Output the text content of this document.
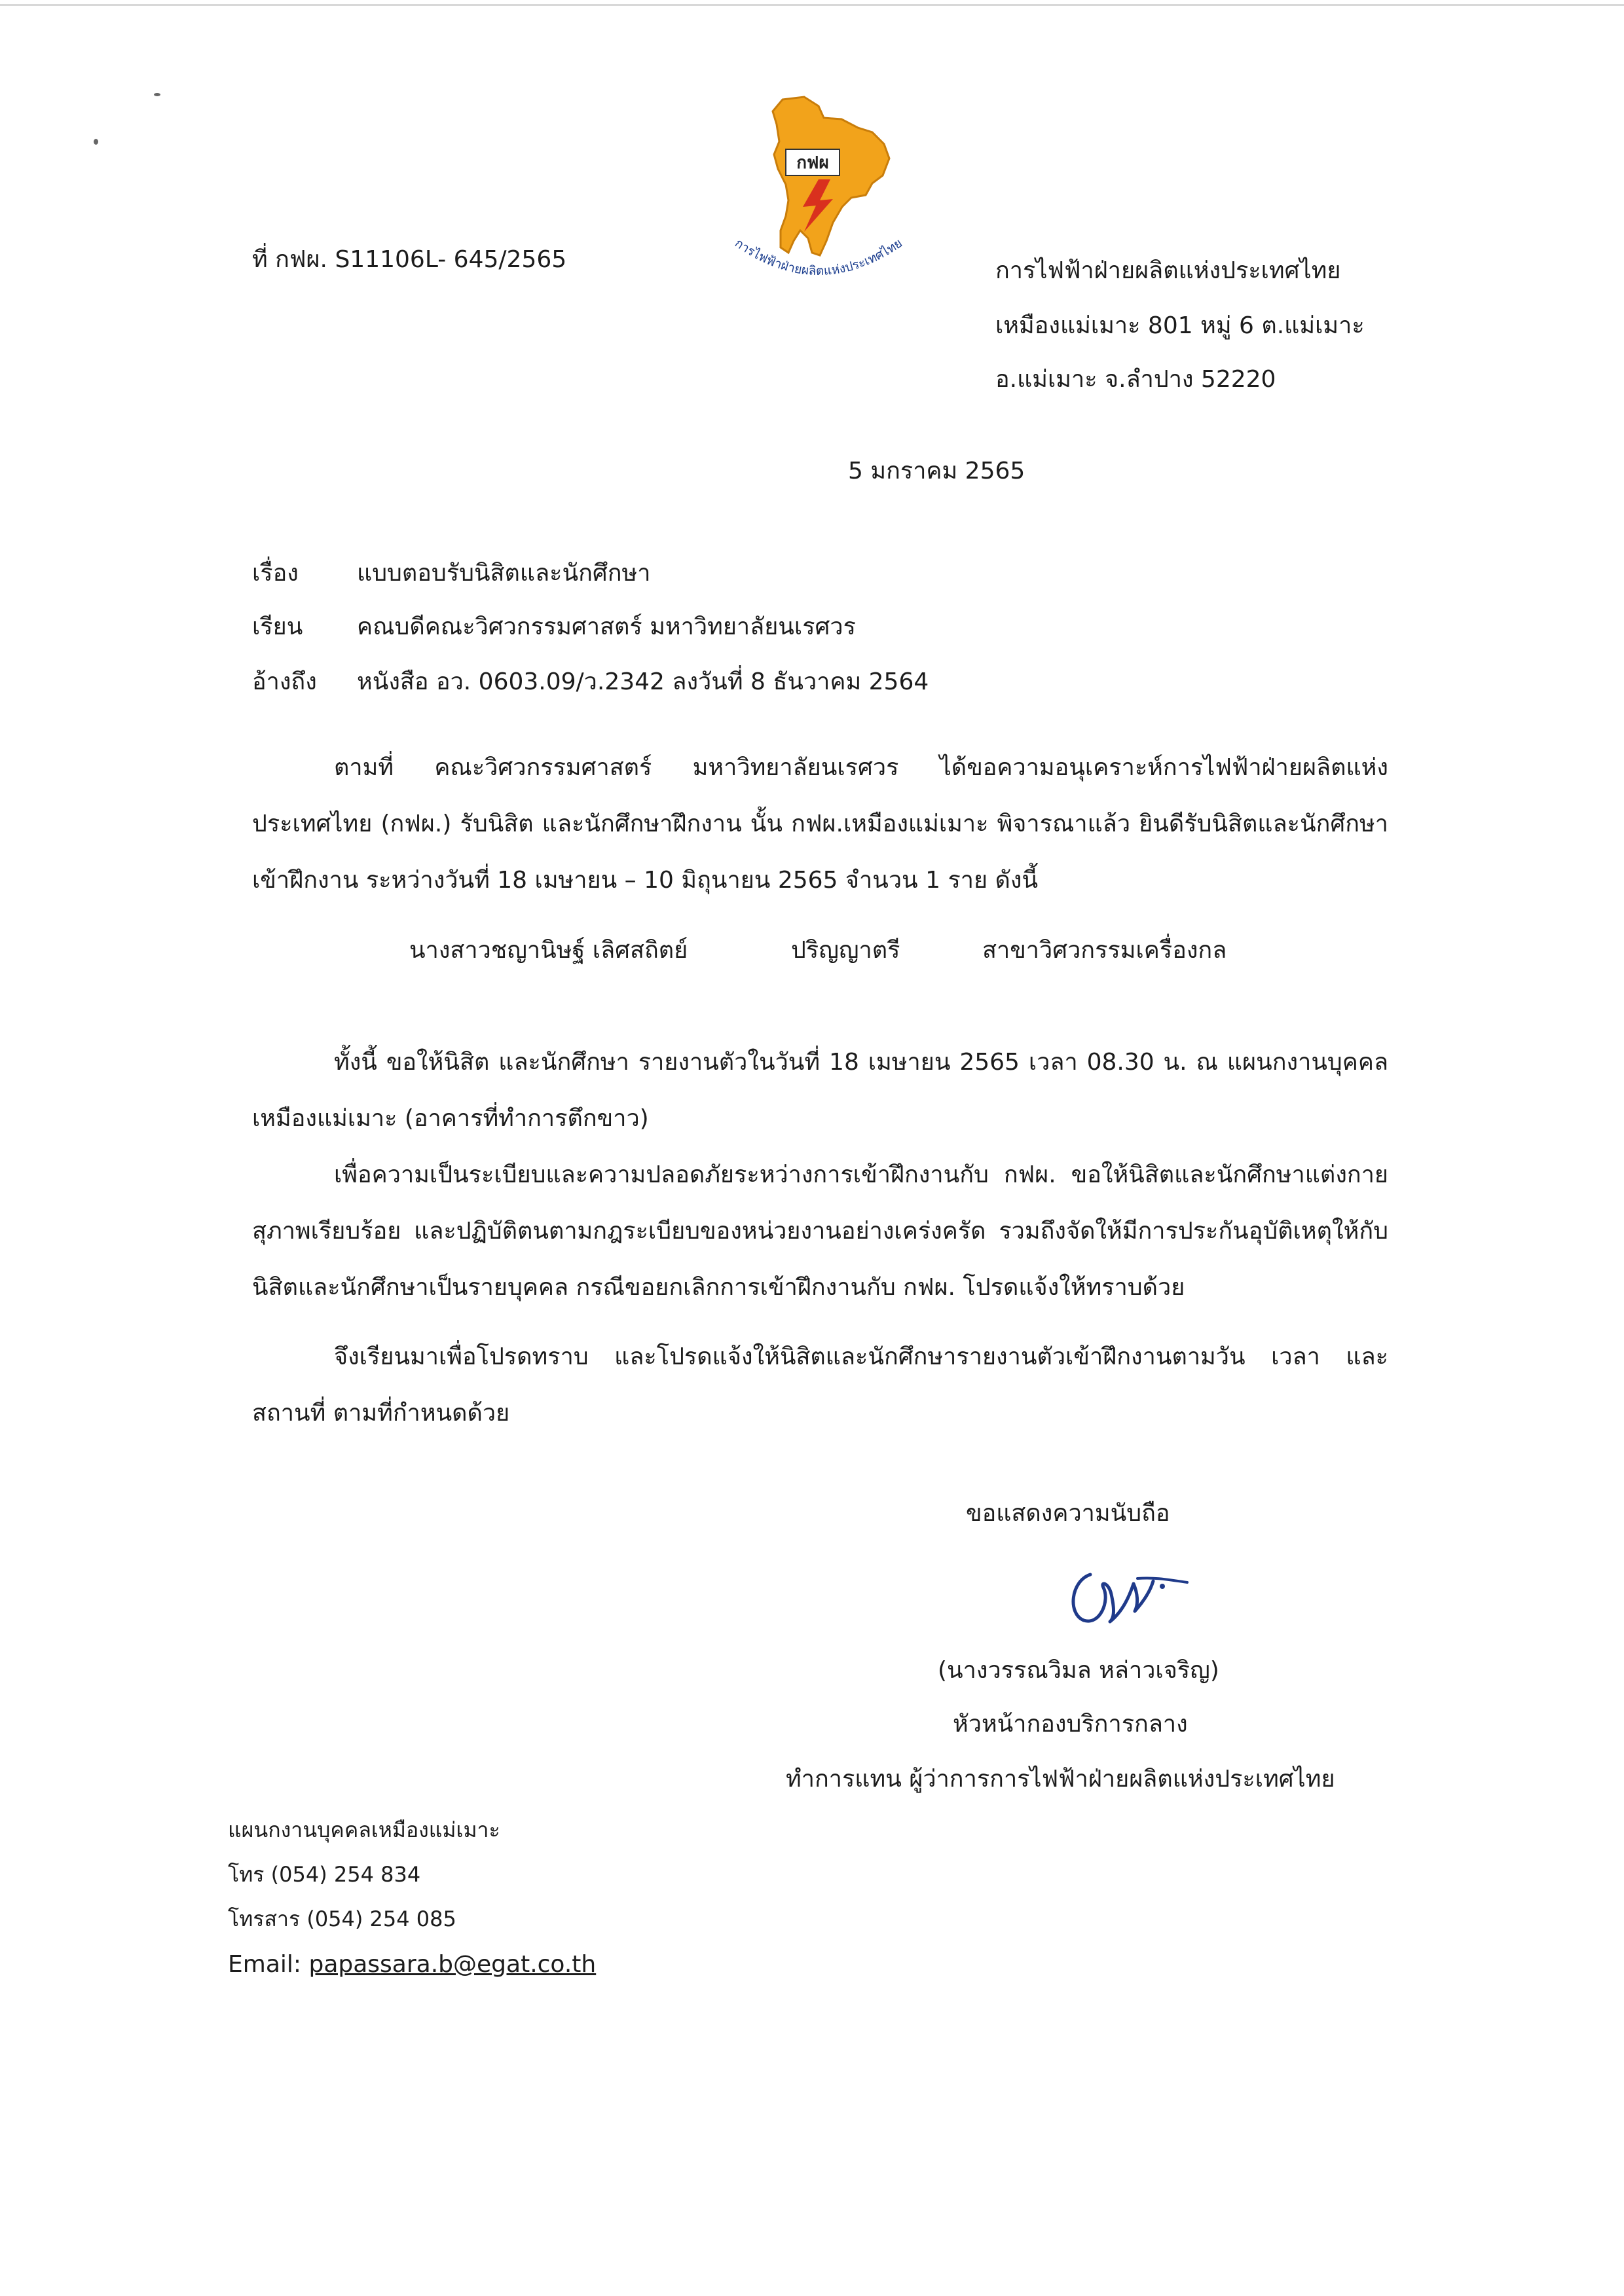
กฟผ
การไฟฟ้าฝ่ายผลิตแห่งประเทศไทย
ที่ กฟผ. S11106L- 645/2565	การไฟฟ้าฝ่ายผลิตแห่งประเทศไทย
เหมืองแม่เมาะ 801 หมู่ 6 ต.แม่เมาะ
อ.แม่เมาะ จ.ลำปาง 52220
5 มกราคม 2565
เรื่อง แบบตอบรับนิสิตและนักศึกษา
เรียน คณบดีคณะวิศวกรรมศาสตร์ มหาวิทยาลัยนเรศวร
อ้างถึง หนังสือ อว. 0603.09/ว.2342 ลงวันที่ 8 ธันวาคม 2564
ตามที่ คณะวิศวกรรมศาสตร์ มหาวิทยาลัยนเรศวร ได้ขอความอนุเคราะห์การไฟฟ้าฝ่ายผลิตแห่งประเทศไทย (กฟผ.) รับนิสิต และนักศึกษาฝึกงาน นั้น กฟผ.เหมืองแม่เมาะ พิจารณาแล้ว ยินดีรับนิสิตและนักศึกษาเข้าฝึกงาน ระหว่างวันที่ 18 เมษายน – 10 มิถุนายน 2565 จำนวน 1 ราย ดังนี้
นางสาวชญานิษฐ์ เลิศสถิตย์	ปริญญาตรี	สาขาวิศวกรรมเครื่องกล
ทั้งนี้ ขอให้นิสิต และนักศึกษา รายงานตัวในวันที่ 18 เมษายน 2565 เวลา 08.30 น. ณ แผนกงานบุคคลเหมืองแม่เมาะ (อาคารที่ทำการตึกขาว)
เพื่อความเป็นระเบียบและความปลอดภัยระหว่างการเข้าฝึกงานกับ กฟผ. ขอให้นิสิตและนักศึกษาแต่งกายสุภาพเรียบร้อย และปฏิบัติตนตามกฎระเบียบของหน่วยงานอย่างเคร่งครัด รวมถึงจัดให้มีการประกันอุบัติเหตุให้กับนิสิตและนักศึกษาเป็นรายบุคคล กรณีขอยกเลิกการเข้าฝึกงานกับ กฟผ. โปรดแจ้งให้ทราบด้วย
จึงเรียนมาเพื่อโปรดทราบ และโปรดแจ้งให้นิสิตและนักศึกษารายงานตัวเข้าฝึกงานตามวัน เวลา และสถานที่ ตามที่กำหนดด้วย
ขอแสดงความนับถือ
(นางวรรณวิมล หล่าวเจริญ)
หัวหน้ากองบริการกลาง
ทำการแทน ผู้ว่าการการไฟฟ้าฝ่ายผลิตแห่งประเทศไทย
แผนกงานบุคคลเหมืองแม่เมาะ
โทร (054) 254 834
โทรสาร (054) 254 085
Email: papassara.b@egat.co.th
